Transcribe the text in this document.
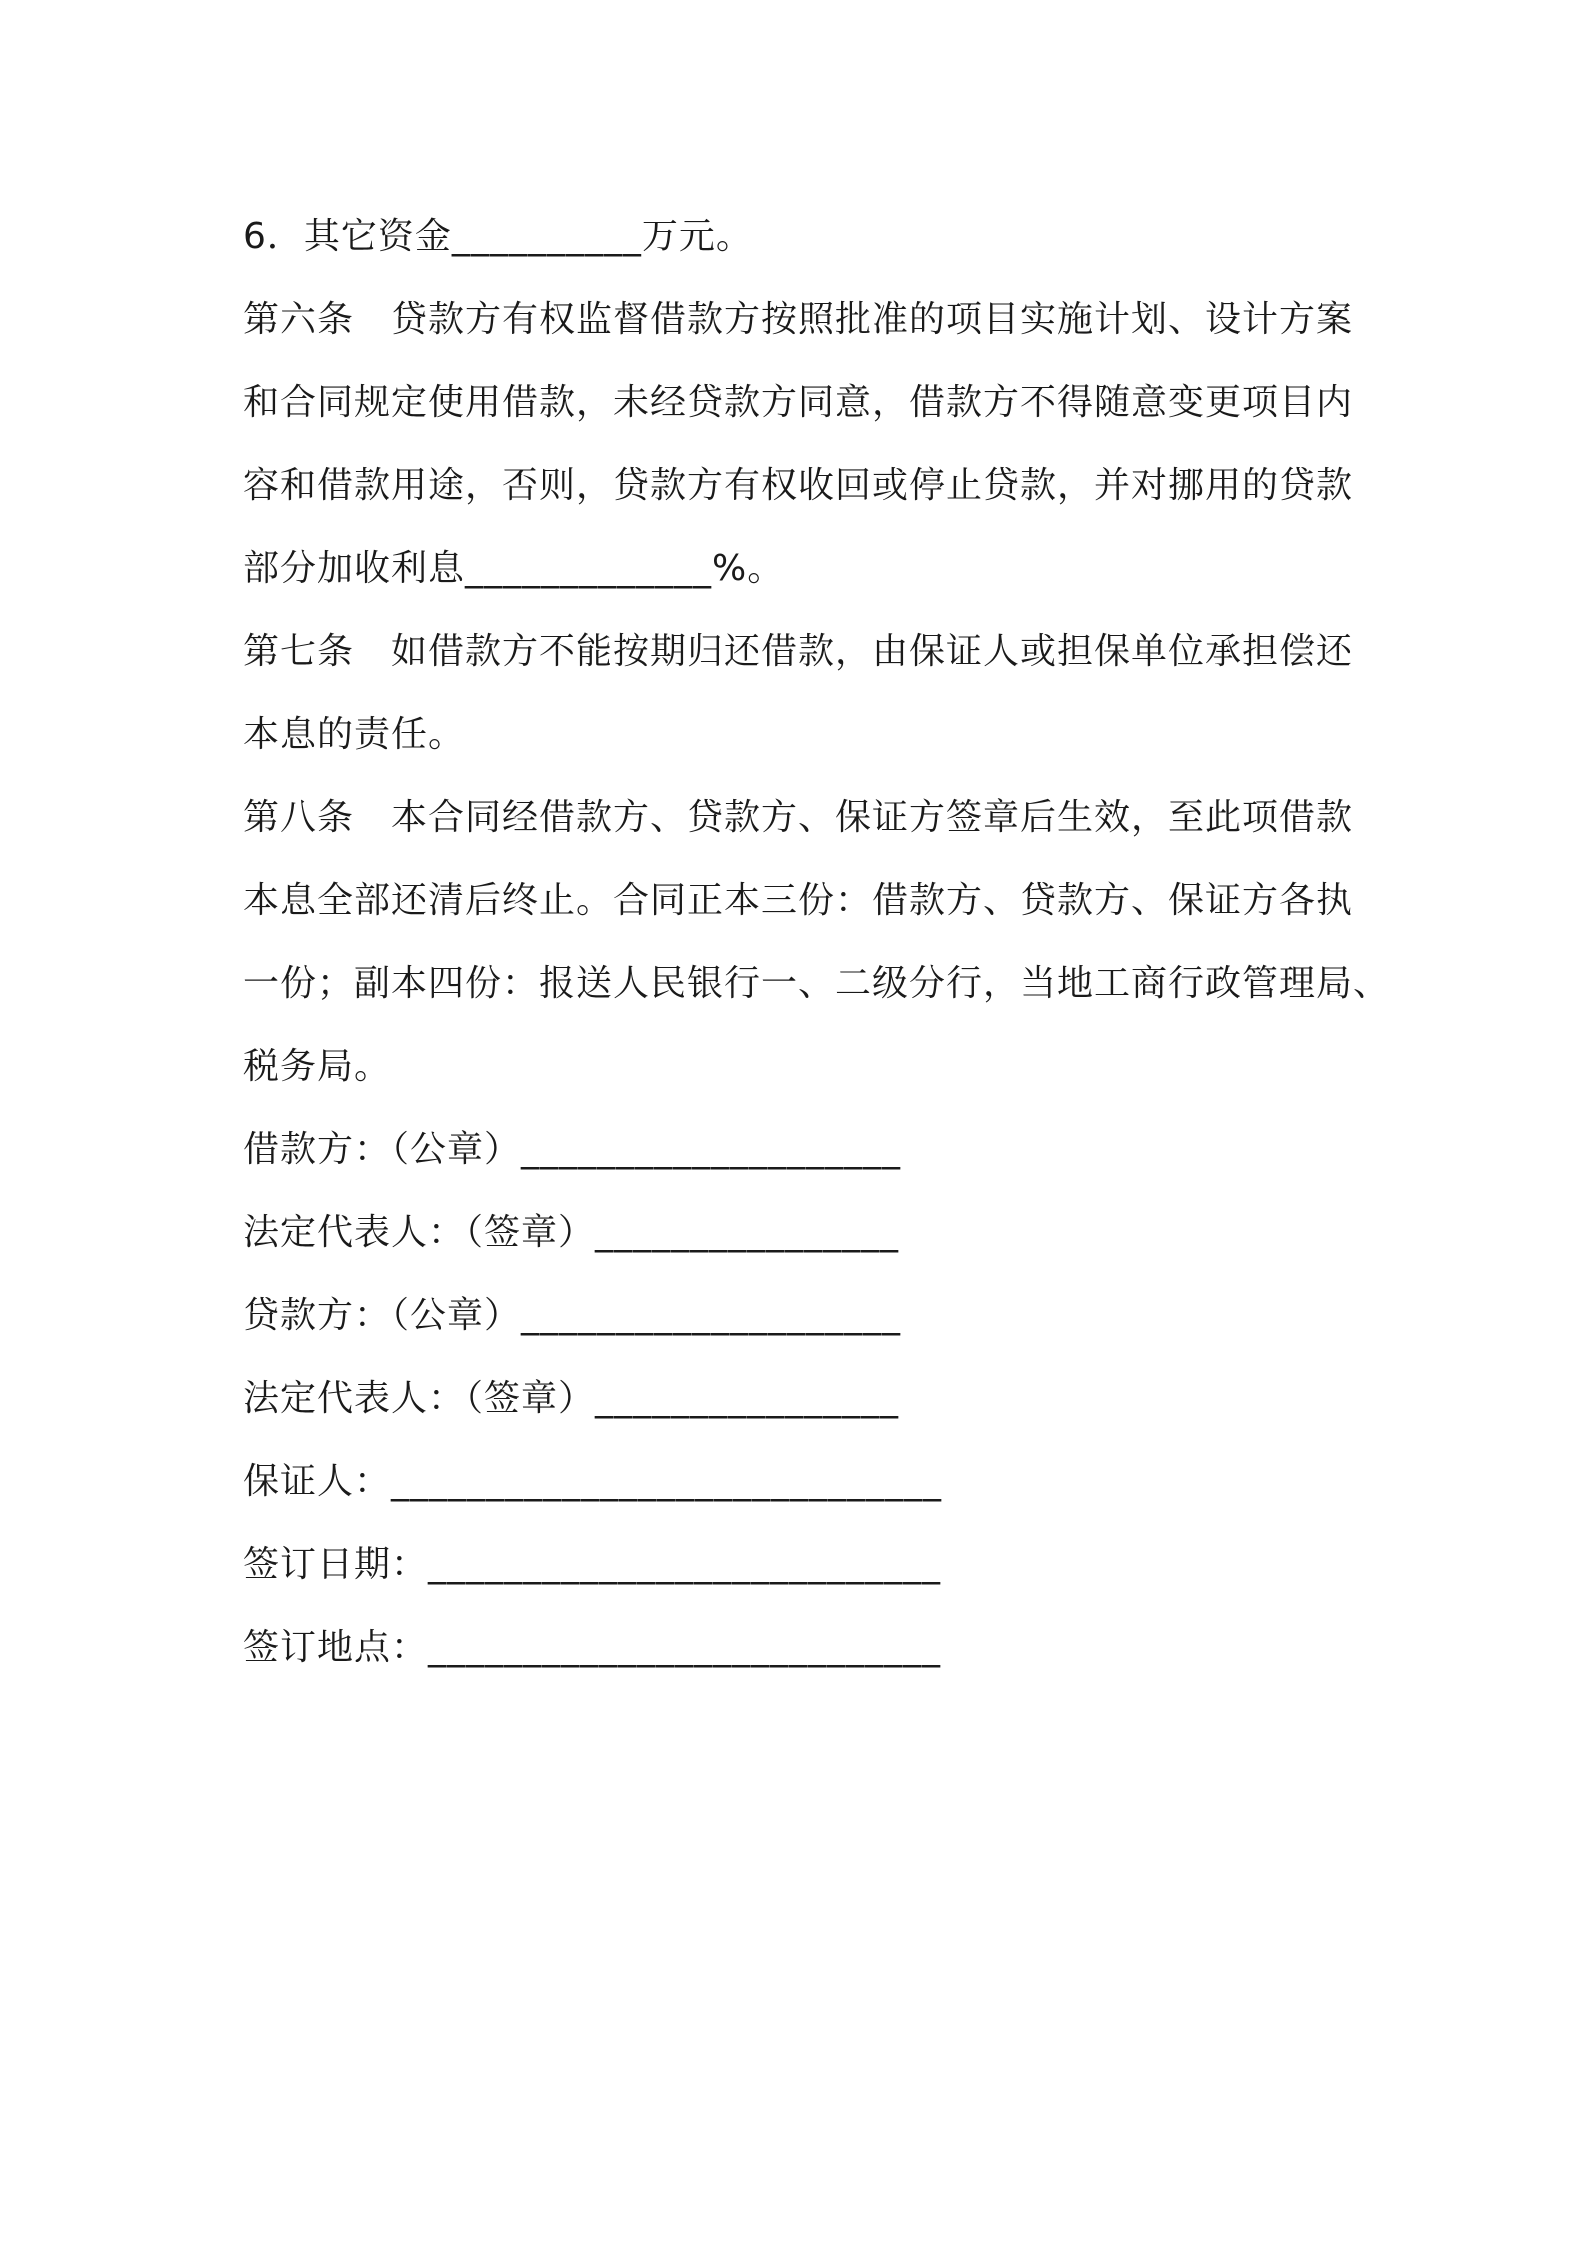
6．其它资金__________万元。
第六条　贷款方有权监督借款方按照批准的项目实施计划、设计方案
和合同规定使用借款，未经贷款方同意，借款方不得随意变更项目内
容和借款用途，否则，贷款方有权收回或停止贷款，并对挪用的贷款
部分加收利息_____________%。
第七条　如借款方不能按期归还借款，由保证人或担保单位承担偿还
本息的责任。
第八条　本合同经借款方、贷款方、保证方签章后生效，至此项借款
本息全部还清后终止。合同正本三份：借款方、贷款方、保证方各执
一份；副本四份：报送人民银行一、二级分行，当地工商行政管理局、
税务局。
借款方：（公章）____________________
法定代表人：（签章）________________
贷款方：（公章）____________________
法定代表人：（签章）________________
保证人：_____________________________
签订日期：___________________________
签订地点：___________________________
